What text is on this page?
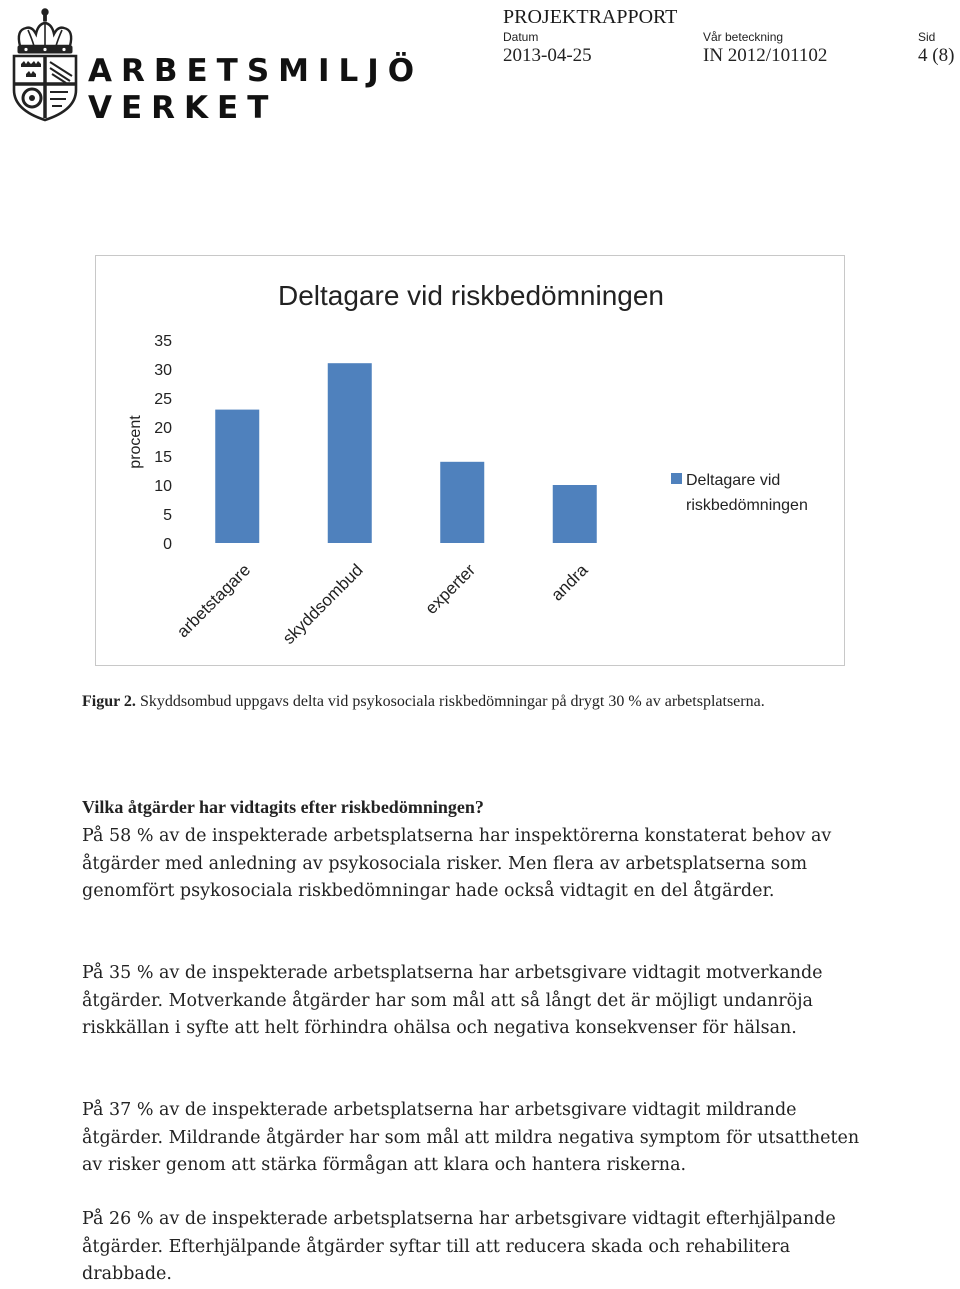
ARBETSMILJÖ
VERKET
PROJEKTRAPPORT
Datum
2013-04-25
Vår beteckning
IN 2012/101102
Sid
4 (8)
Deltagare vid riskbedömningen
procent
0
5
10
15
20
25
30
35
arbetstagare skyddsombud	experter	andra
Deltagare vid
riskbedömningen
Figur 2. Skyddsombud uppgavs delta vid psykosociala riskbedömningar på drygt 30 % av arbetsplatserna.
Vilka åtgärder har vidtagits efter riskbedömningen?
På 58 % av de inspekterade arbetsplatserna har inspektörerna konstaterat behov av åtgärder med anledning av psykosociala risker. Men flera av arbetsplatserna som genomfört psykosociala riskbedömningar hade också vidtagit en del åtgärder.
På 35 % av de inspekterade arbetsplatserna har arbetsgivare vidtagit motverkande åtgärder. Motverkande åtgärder har som mål att så långt det är möjligt undanröja riskkällan i syfte att helt förhindra ohälsa och negativa konsekvenser för hälsan.
På 37 % av de inspekterade arbetsplatserna har arbetsgivare vidtagit mildrande åtgärder. Mildrande åtgärder har som mål att mildra negativa symptom för utsattheten av risker genom att stärka förmågan att klara och hantera riskerna.
På 26 % av de inspekterade arbetsplatserna har arbetsgivare vidtagit efterhjälpande åtgärder. Efterhjälpande åtgärder syftar till att reducera skada och rehabilitera drabbade.
